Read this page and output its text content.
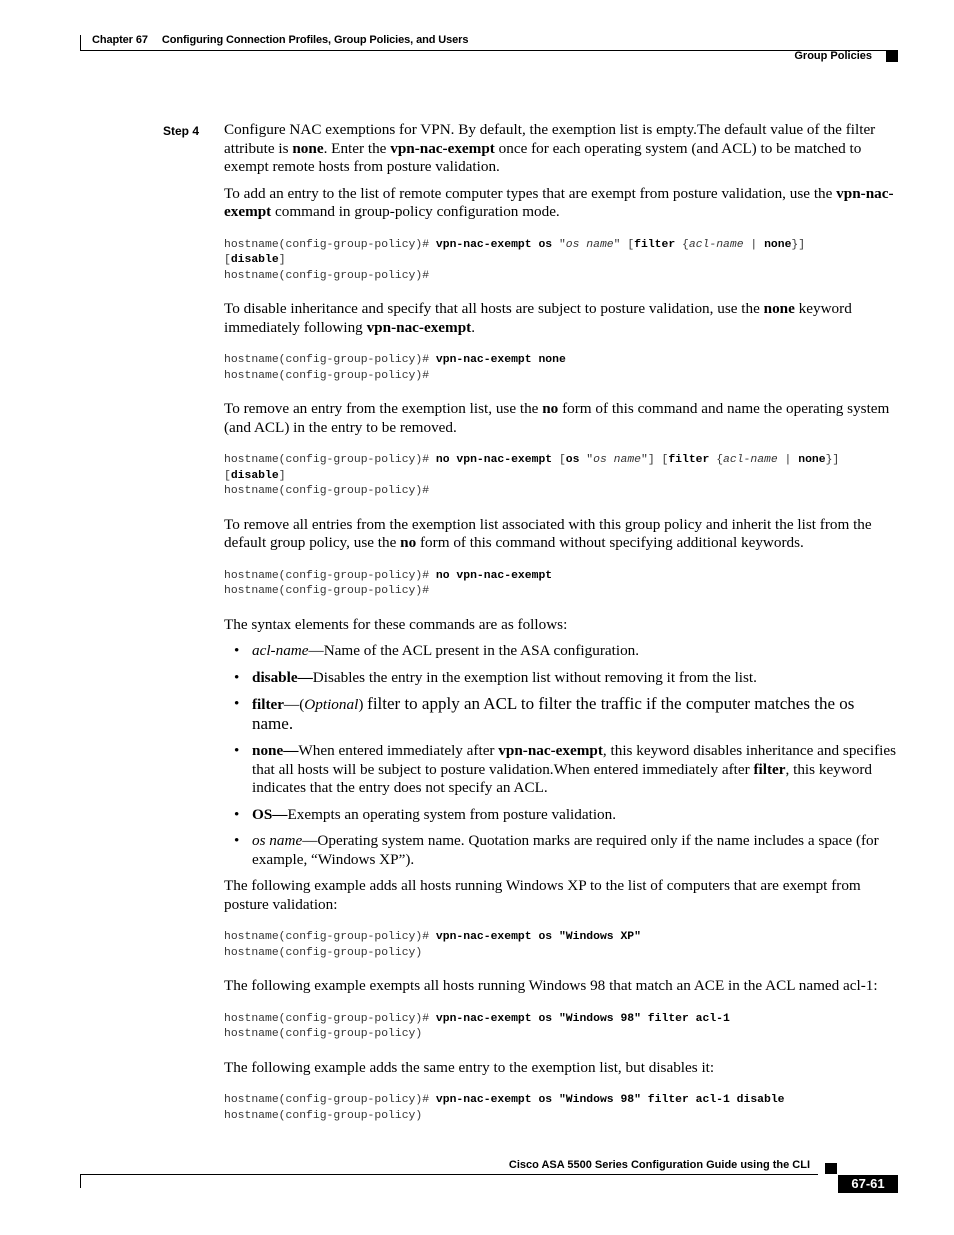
Chapter 67 Configuring Connection Profiles, Group Policies, and Users
Group Policies
Step 4 Configure NAC exemptions for VPN. By default, the exemption list is empty.The default value of the filter attribute is none. Enter the vpn-nac-exempt once for each operating system (and ACL) to be matched to exempt remote hosts from posture validation.

To add an entry to the list of remote computer types that are exempt from posture validation, use the vpn-nac-exempt command in group-policy configuration mode.

hostname(config-group-policy)# vpn-nac-exempt os "os name" [filter {acl-name | none}]
[disable]
hostname(config-group-policy)#

To disable inheritance and specify that all hosts are subject to posture validation, use the none keyword immediately following vpn-nac-exempt.

hostname(config-group-policy)# vpn-nac-exempt none
hostname(config-group-policy)#

To remove an entry from the exemption list, use the no form of this command and name the operating system (and ACL) in the entry to be removed.

hostname(config-group-policy)# no vpn-nac-exempt [os "os name"] [filter {acl-name | none}]
[disable]
hostname(config-group-policy)#

To remove all entries from the exemption list associated with this group policy and inherit the list from the default group policy, use the no form of this command without specifying additional keywords.

hostname(config-group-policy)# no vpn-nac-exempt
hostname(config-group-policy)#

The syntax elements for these commands are as follows:

• acl-name—Name of the ACL present in the ASA configuration.
• disable—Disables the entry in the exemption list without removing it from the list.
• filter—(Optional) filter to apply an ACL to filter the traffic if the computer matches the os name.
• none—When entered immediately after vpn-nac-exempt, this keyword disables inheritance and specifies that all hosts will be subject to posture validation.When entered immediately after filter, this keyword indicates that the entry does not specify an ACL.
• OS—Exempts an operating system from posture validation.
• os name—Operating system name. Quotation marks are required only if the name includes a space (for example, “Windows XP”).

The following example adds all hosts running Windows XP to the list of computers that are exempt from posture validation:

hostname(config-group-policy)# vpn-nac-exempt os "Windows XP"
hostname(config-group-policy)

The following example exempts all hosts running Windows 98 that match an ACE in the ACL named acl-1:

hostname(config-group-policy)# vpn-nac-exempt os "Windows 98" filter acl-1
hostname(config-group-policy)

The following example adds the same entry to the exemption list, but disables it:

hostname(config-group-policy)# vpn-nac-exempt os "Windows 98" filter acl-1 disable
hostname(config-group-policy)
Cisco ASA 5500 Series Configuration Guide using the CLI
67-61
